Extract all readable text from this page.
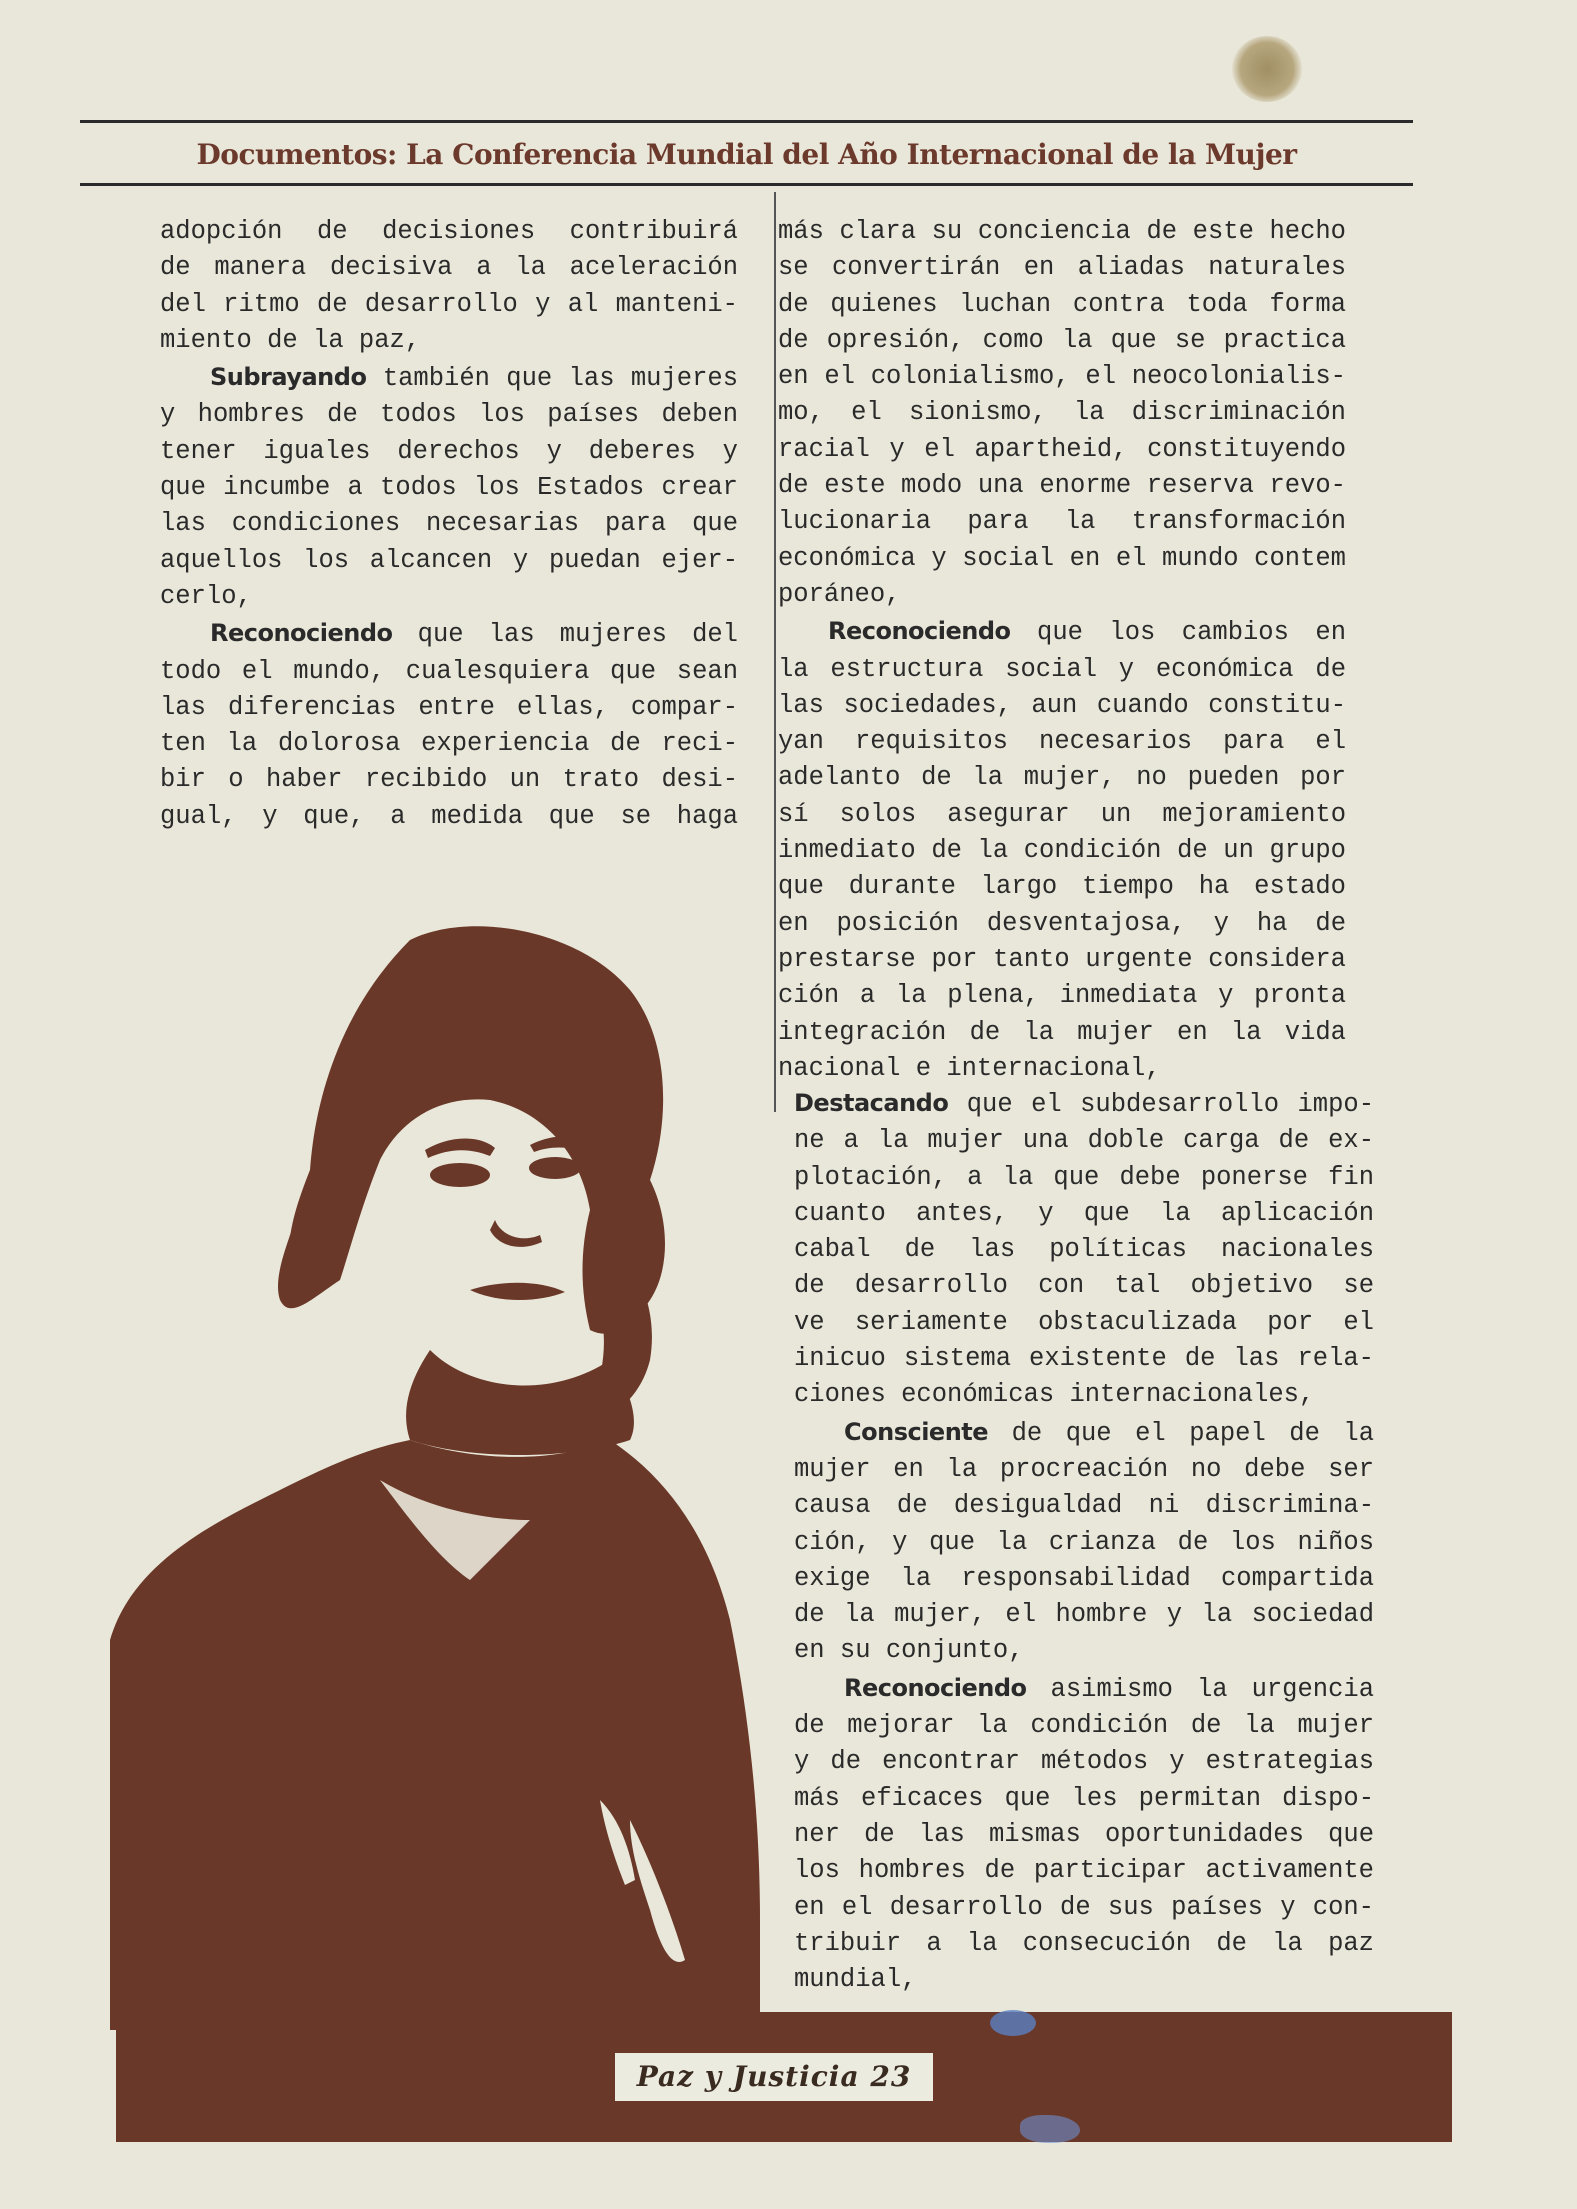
Documentos: La Conferencia Mundial del Año Internacional de la Mujer

adopción de decisiones contribuirá

de manera decisiva a la aceleración

del ritmo de desarrollo y al manteni-

miento de la paz,

Subrayando también que las mujeres

y hombres de todos los países deben

tener iguales derechos y deberes y

que incumbe a todos los Estados crear

las condiciones necesarias para que

aquellos los alcancen y puedan ejer-

cerlo,

Reconociendo que las mujeres del

todo el mundo, cualesquiera que sean

las diferencias entre ellas, compar-

ten la dolorosa experiencia de reci-

bir o haber recibido un trato desi-

gual, y que, a medida que se haga

más clara su conciencia de este hecho

se convertirán en aliadas naturales

de quienes luchan contra toda forma

de opresión, como la que se practica

en el colonialismo, el neocolonialis-

mo, el sionismo, la discriminación

racial y el apartheid, constituyendo

de este modo una enorme reserva revo-

lucionaria para la transformación

económica y social en el mundo contem

poráneo,

Reconociendo que los cambios en

la estructura social y económica de

las sociedades, aun cuando constitu-

yan requisitos necesarios para el

adelanto de la mujer, no pueden por

sí solos asegurar un mejoramiento

inmediato de la condición de un grupo

que durante largo tiempo ha estado

en posición desventajosa, y ha de

prestarse por tanto urgente considera

ción a la plena, inmediata y pronta

integración de la mujer en la vida

nacional e internacional,

Destacando que el subdesarrollo impo-

ne a la mujer una doble carga de ex-

plotación, a la que debe ponerse fin

cuanto antes, y que la aplicación

cabal de las políticas nacionales

de desarrollo con tal objetivo se

ve seriamente obstaculizada por el

inicuo sistema existente de las rela-

ciones económicas internacionales,

Consciente de que el papel de la

mujer en la procreación no debe ser

causa de desigualdad ni discrimina-

ción, y que la crianza de los niños

exige la responsabilidad compartida

de la mujer, el hombre y la sociedad

en su conjunto,

Reconociendo asimismo la urgencia

de mejorar la condición de la mujer

y de encontrar métodos y estrategias

más eficaces que les permitan dispo-

ner de las mismas oportunidades que

los hombres de participar activamente

en el desarrollo de sus países y con-

tribuir a la consecución de la paz

mundial,

Paz y Justicia 23
